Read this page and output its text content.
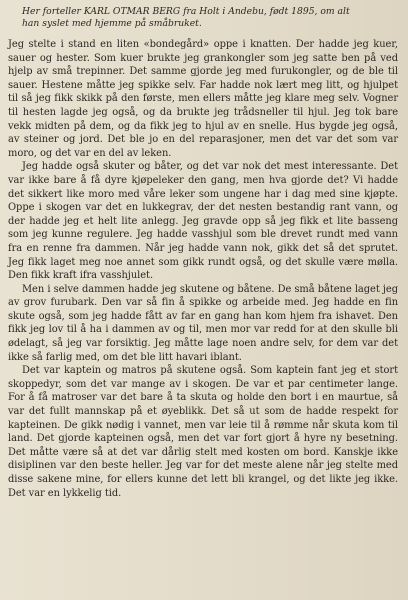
Her forteller KARL OTMAR BERG fra Holt i Andebu, født 1895, om alt han syslet med hjemme på småbruket.

Jeg stelte i stand en liten «bondegård» oppe i knatten. Der hadde jeg kuer, sauer og hester. Som kuer brukte jeg grankongler som jeg satte ben på ved hjelp av små trepinner. Det samme gjorde jeg med furukongler, og de ble til sauer. Hestene måtte jeg spikke selv. Far hadde nok lært meg litt, og hjulpet til så jeg fikk skikk på den første, men ellers måtte jeg klare meg selv. Vogner til hesten lagde jeg også, og da brukte jeg trådsneller til hjul. Jeg tok bare vekk midten på dem, og da fikk jeg to hjul av en snelle. Hus bygde jeg også, av steiner og jord. Det ble jo en del reparasjoner, men det var det som var moro, og det var en del av leken.

Jeg hadde også skuter og båter, og det var nok det mest interessante. Det var ikke bare å få dyre kjøpeleker den gang, men hva gjorde det? Vi hadde det sikkert like moro med våre leker som ungene har i dag med sine kjøpte. Oppe i skogen var det en lukkegrav, der det nesten bestandig rant vann, og der hadde jeg et helt lite anlegg. Jeg gravde opp så jeg fikk et lite basseng som jeg kunne regulere. Jeg hadde vasshjul som ble drevet rundt med vann fra en renne fra dammen. Når jeg hadde vann nok, gikk det så det sprutet. Jeg fikk laget meg noe annet som gikk rundt også, og det skulle være mølla. Den fikk kraft ifra vasshjulet.

Men i selve dammen hadde jeg skutene og båtene. De små båtene laget jeg av grov furubark. Den var så fin å spikke og arbeide med. Jeg hadde en fin skute også, som jeg hadde fått av far en gang han kom hjem fra ishavet. Den fikk jeg lov til å ha i dammen av og til, men mor var redd for at den skulle bli ødelagt, så jeg var forsiktig. Jeg måtte lage noen andre selv, for dem var det ikke så farlig med, om det ble litt havari iblant.

Det var kaptein og matros på skutene også. Som kaptein fant jeg et stort skoppedyr, som det var mange av i skogen. De var et par centimeter lange. For å få matroser var det bare å ta skuta og holde den bort i en maurtue, så var det fullt mannskap på et øyeblikk. Det så ut som de hadde respekt for kapteinen. De gikk nødig i vannet, men var leie til å rømme når skuta kom til land. Det gjorde kapteinen også, men det var fort gjort å hyre ny besetning. Det måtte være så at det var dårlig stelt med kosten om bord. Kanskje ikke disiplinen var den beste heller. Jeg var for det meste alene når jeg stelte med disse sakene mine, for ellers kunne det lett bli krangel, og det likte jeg ikke. Det var en lykkelig tid.
